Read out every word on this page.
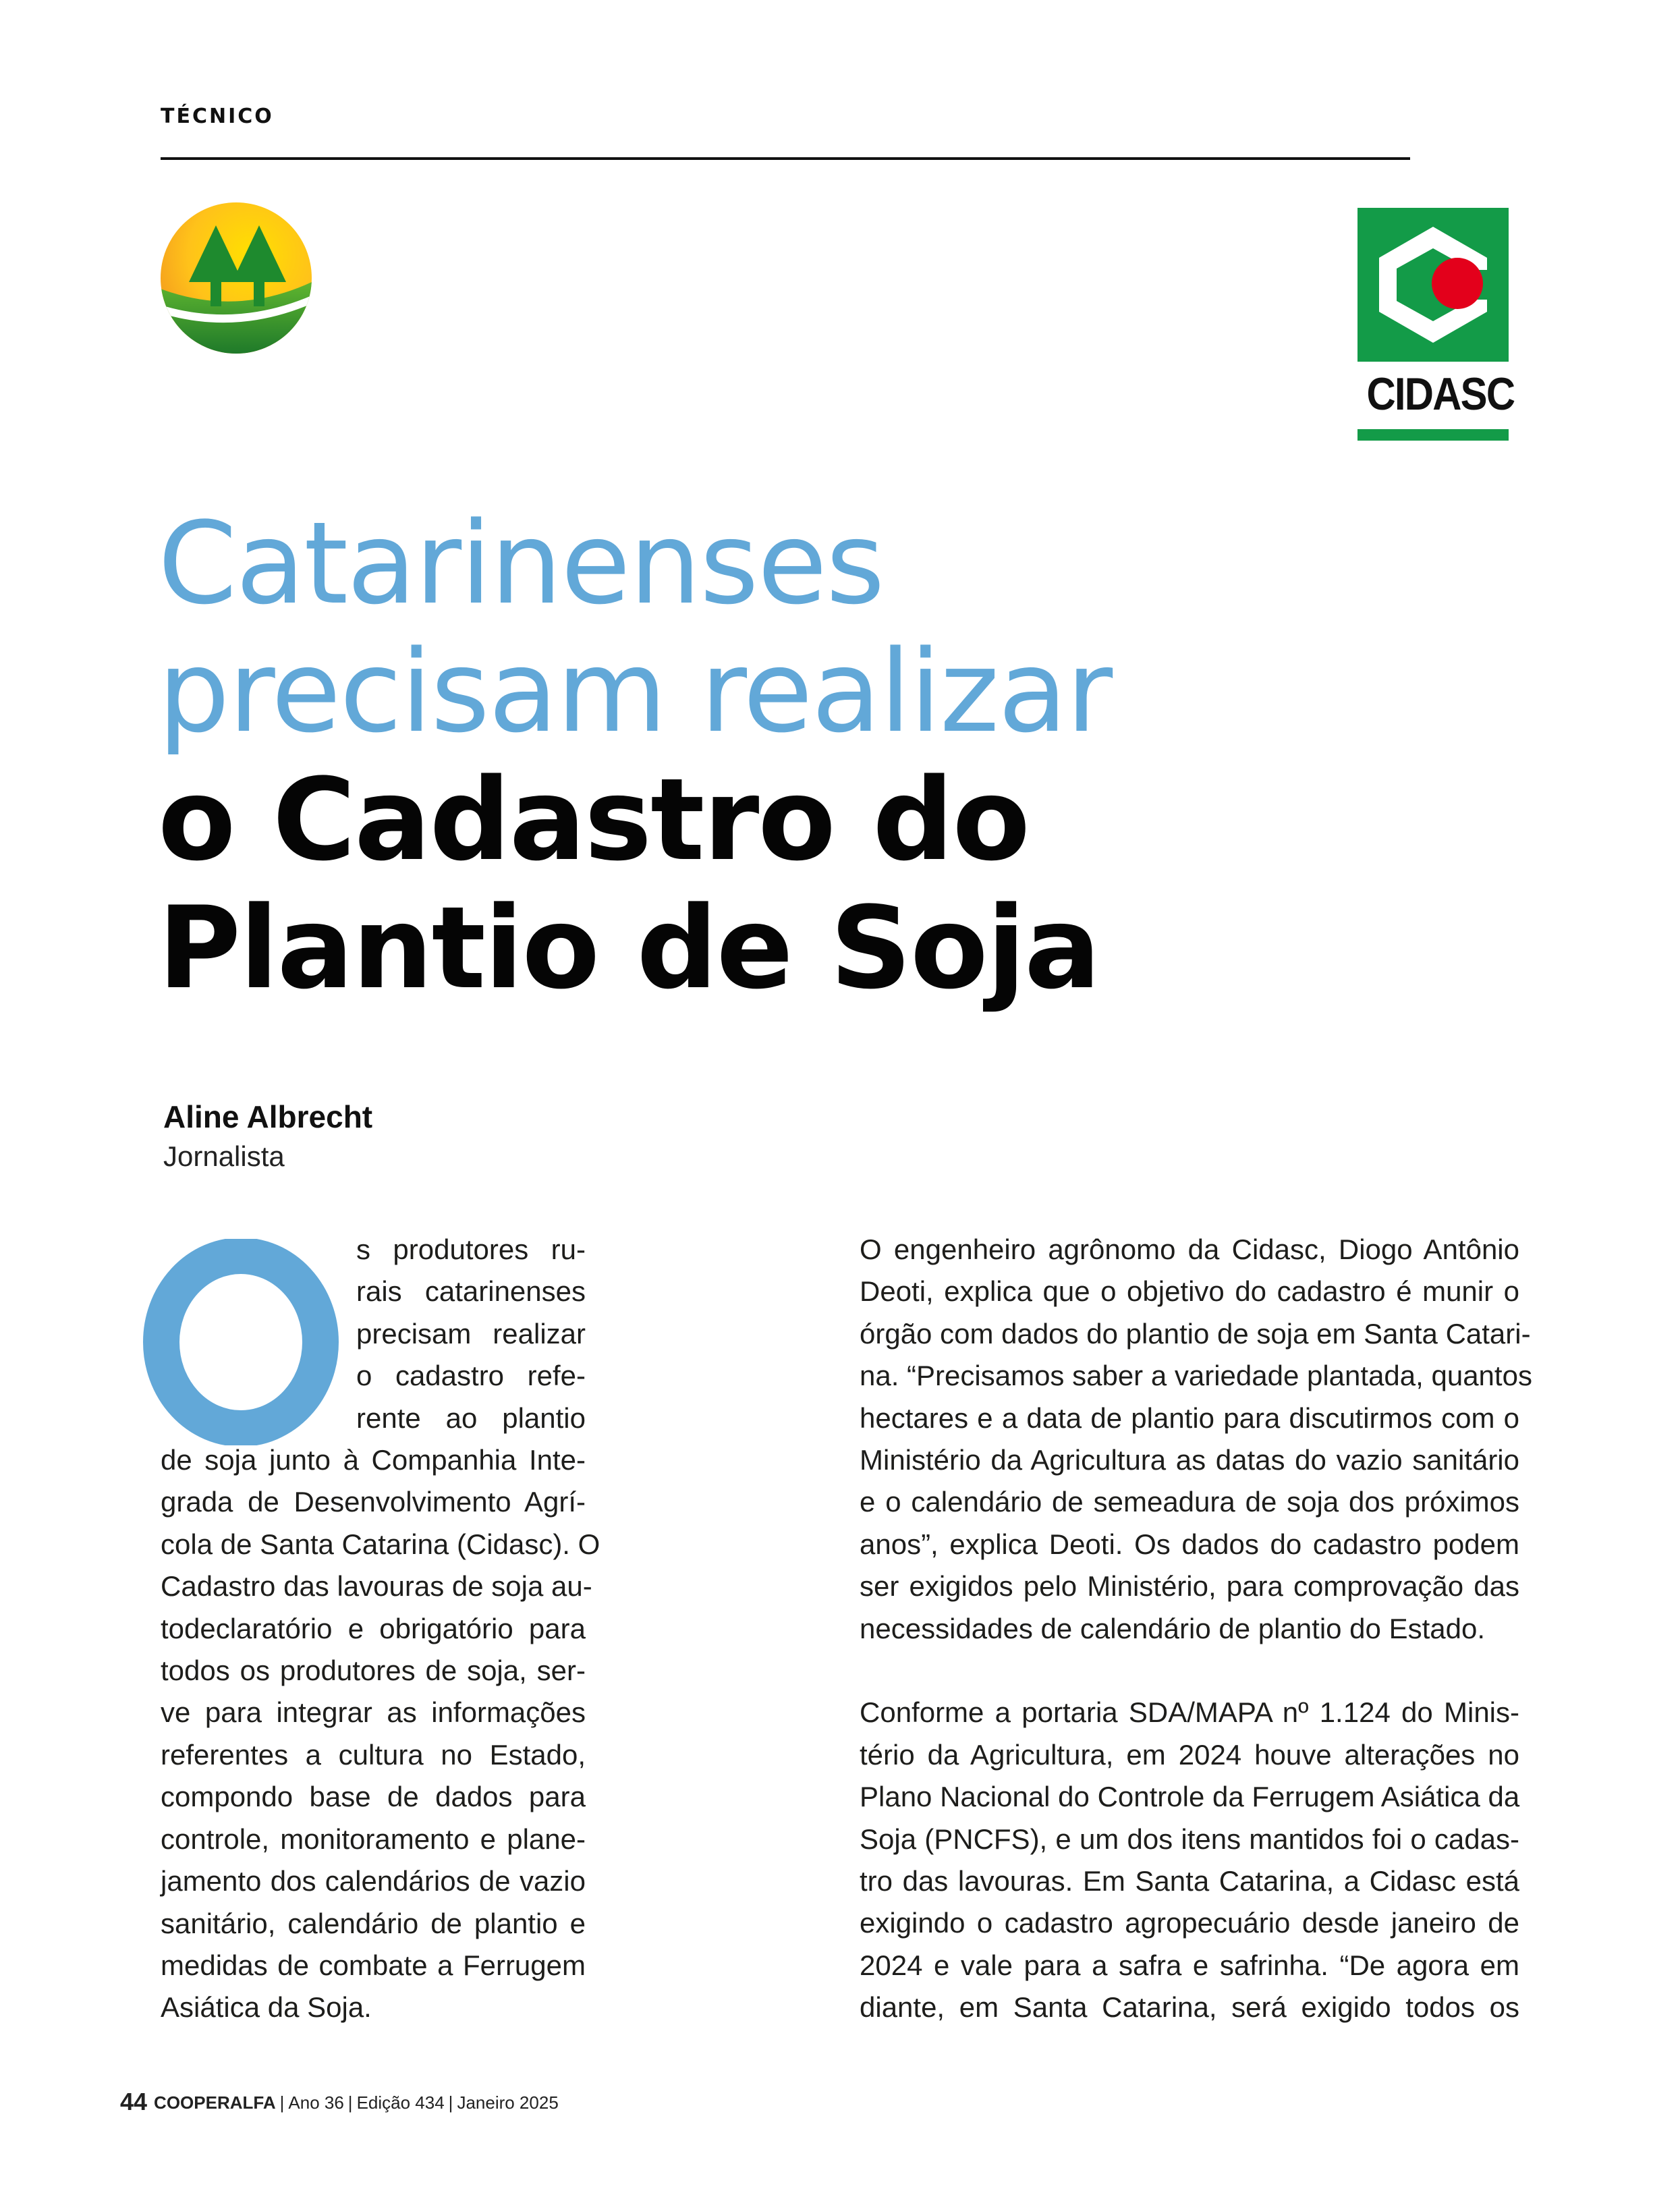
TÉCNICO
CIDASC
Catarinenses
precisam realizar
o Cadastro do
Plantio de Soja
Aline Albrecht
Jornalista

s produtores ru-

rais catarinenses

precisam realizar

o cadastro refe-

rente ao plantio

de soja junto à Companhia Inte-

grada de Desenvolvimento Agrí-

cola de Santa Catarina (Cidasc). O

Cadastro das lavouras de soja au-

todeclaratório e obrigatório para

todos os produtores de soja, ser-

ve para integrar as informações

referentes a cultura no Estado,

compondo base de dados para

controle, monitoramento e plane-

jamento dos calendários de vazio

sanitário, calendário de plantio e

medidas de combate a Ferrugem

Asiática da Soja.

O engenheiro agrônomo da Cidasc, Diogo Antônio

Deoti, explica que o objetivo do cadastro é munir o

órgão com dados do plantio de soja em Santa Catari-

na. “Precisamos saber a variedade plantada, quantos

hectares e a data de plantio para discutirmos com o

Ministério da Agricultura as datas do vazio sanitário

e o calendário de semeadura de soja dos próximos

anos”, explica Deoti. Os dados do cadastro podem

ser exigidos pelo Ministério, para comprovação das

necessidades de calendário de plantio do Estado.

Conforme a portaria SDA/MAPA nº 1.124 do Minis-

tério da Agricultura, em 2024 houve alterações no

Plano Nacional do Controle da Ferrugem Asiática da

Soja (PNCFS), e um dos itens mantidos foi o cadas-

tro das lavouras. Em Santa Catarina, a Cidasc está

exigindo o cadastro agropecuário desde janeiro de

2024 e vale para a safra e safrinha. “De agora em

diante, em Santa Catarina, será exigido todos os

44 COOPERALFA | Ano 36 | Edição 434 | Janeiro 2025
